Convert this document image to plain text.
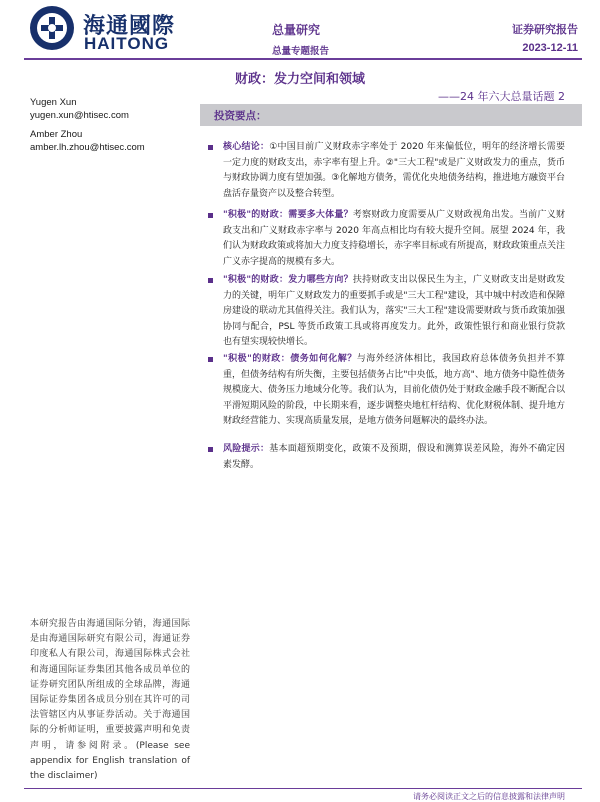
海通國際
HAITONG
总量研究
总量专题报告
证券研究报告
2023-12-11
财政：发力空间和领域
——24 年六大总量话题 2
Yugen Xun
yugen.xun@htisec.com
Amber Zhou
amber.lh.zhou@htisec.com
投资要点：
核心结论：①中国目前广义财政赤字率处于 2020 年来偏低位，明年的经济增长需要一定力度的财政支出，赤字率有望上升。②"三大工程"或是广义财政发力的重点，货币与财政协调力度有望加强。③化解地方债务，需优化央地债务结构，推进地方融资平台盘活存量资产以及整合转型。
"积极"的财政：需要多大体量？考察财政力度需要从广义财政视角出发。当前广义财政支出和广义财政赤字率与 2020 年高点相比均有较大提升空间。展望 2024 年，我们认为财政政策或将加大力度支持稳增长，赤字率目标或有所提高，财政政策重点关注广义赤字提高的规模有多大。
"积极"的财政：发力哪些方向？扶持财政支出以保民生为主，广义财政支出是财政发力的关键，明年广义财政发力的重要抓手或是"三大工程"建设，其中城中村改造和保障房建设的联动尤其值得关注。我们认为，落实"三大工程"建设需要财政与货币政策加强协同与配合，PSL 等货币政策工具或将再度发力。此外，政策性银行和商业银行贷款也有望实现较快增长。
"积极"的财政：债务如何化解？与海外经济体相比，我国政府总体债务负担并不算重，但债务结构有所失衡，主要包括债务占比"中央低，地方高"、地方债务中隐性债务规模庞大、债务压力地域分化等。我们认为，目前化债仍处于财政金融手段不断配合以平滑短期风险的阶段，中长期来看，逐步调整央地杠杆结构、优化财税体制、提升地方财政经营能力、实现高质量发展，是地方债务问题解决的最终办法。
风险提示：基本面超预期变化，政策不及预期，假设和测算误差风险，海外不确定因素发酵。
本研究报告由海通国际分销，海通国际是由海通国际研究有限公司，海通证券印度私人有限公司，海通国际株式会社和海通国际证券集团其他各成员单位的证券研究团队所组成的全球品牌，海通国际证券集团各成员分别在其许可的司法管辖区内从事证券活动。关于海通国际的分析师证明，重要披露声明和免责声明，请参阅附录。(Please see appendix for English translation of the disclaimer)
请务必阅读正文之后的信息披露和法律声明
